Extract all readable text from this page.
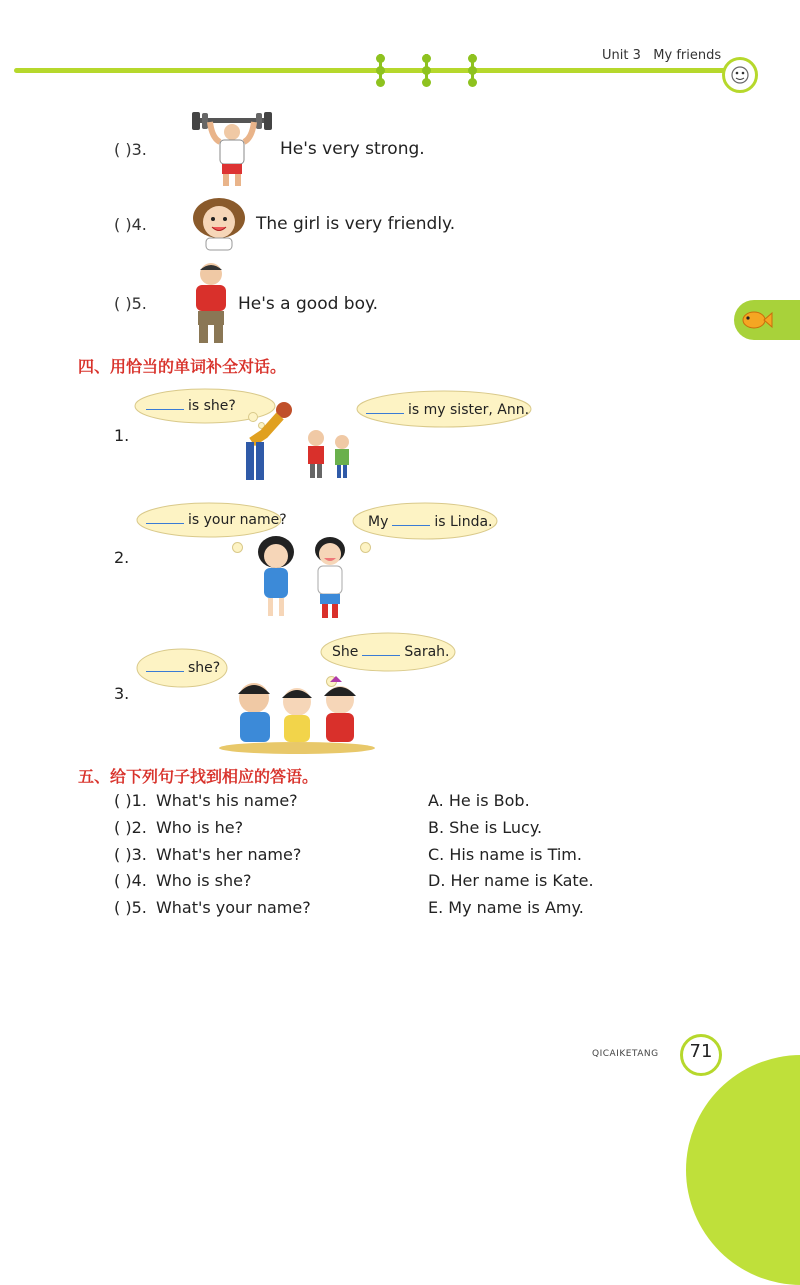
Unit 3 My friends
( )3.	He's very strong.
( )4.	The girl is very friendly.
( )5.	He's a good boy.
四、用恰当的单词补全对话。
1.
is she?	is my sister, Ann.
2.
is your name?	My	is Linda.
3.
she?
She	Sarah.
五、给下列句子找到相应的答语。
( )1. What's his name?	A. He is Bob.
( )2. Who is he?	B. She is Lucy.
( )3. What's her name?	C. His name is Tim.
( )4. Who is she?	D. Her name is Kate.
( )5. What's your name?	E. My name is Amy.
QICAIKETANG	71
